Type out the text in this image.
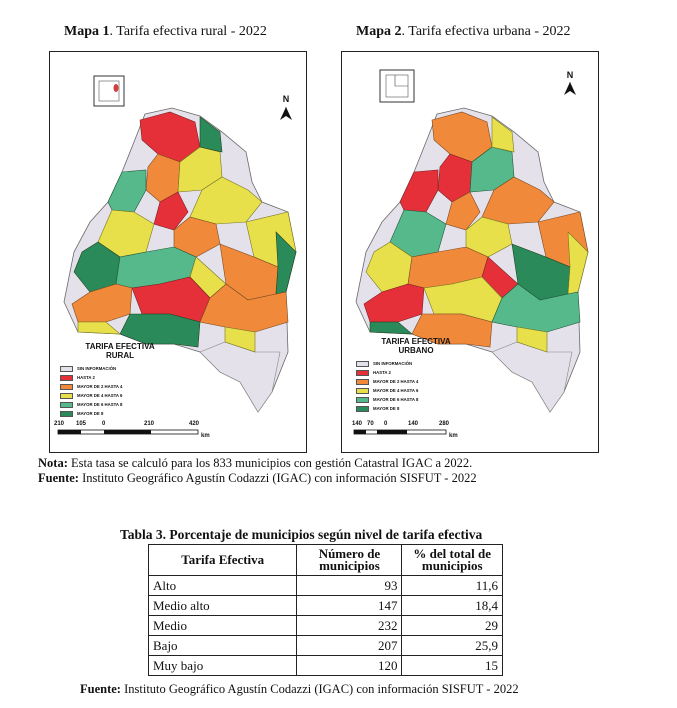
Mapa 1. Tarifa efectiva rural - 2022
N
TARIFA EFECTIVA
RURAL
SIN INFORMACIÓN
HASTA 2
MAYOR DE 2 HASTA 4
MAYOR DE 4 HASTA 6
MAYOR DE 6 HASTA 8
MAYOR DE 8
210 105	0	210	420
km
Mapa 2. Tarifa efectiva urbana - 2022
N
TARIFA EFECTIVA
URBANO
SIN INFORMACIÓN
HASTA 2
MAYOR DE 2 HASTA 4
MAYOR DE 4 HASTA 6
MAYOR DE 6 HASTA 8
MAYOR DE 8
140 70 0	140	280
km
Nota: Esta tasa se calculó para los 833 municipios con gestión Catastral IGAC a 2022.
Fuente: Instituto Geográfico Agustín Codazzi (IGAC) con información SISFUT - 2022
Tabla 3. Porcentaje de municipios según nivel de tarifa efectiva
Tarifa Efectiva	Número de municipios	% del total de municipios
Alto	93	11,6
Medio alto	147	18,4
Medio	232	29
Bajo	207	25,9
Muy bajo	120	15
Fuente: Instituto Geográfico Agustín Codazzi (IGAC) con información SISFUT - 2022
